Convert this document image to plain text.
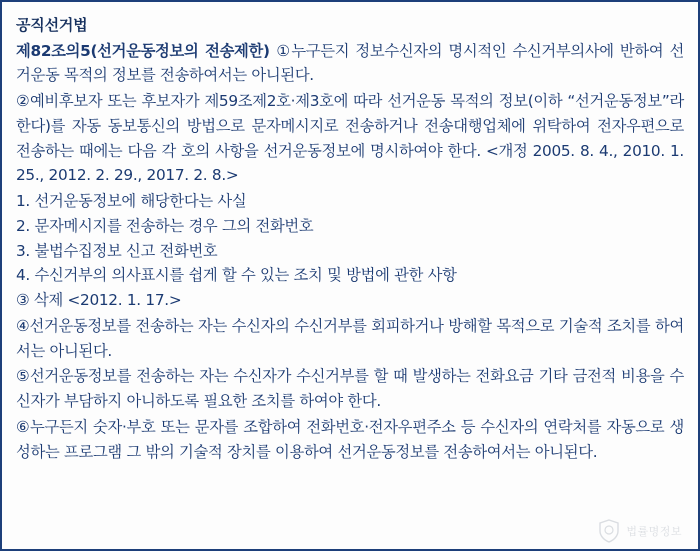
공직선거법

제82조의5(선거운동정보의 전송제한) ①누구든지 정보수신자의 명시적인 수신거부의사에 반하여 선거운동 목적의 정보를 전송하여서는 아니된다.

②예비후보자 또는 후보자가 제59조제2호·제3호에 따라 선거운동 목적의 정보(이하 “선거운동정보”라 한다)를 자동 동보통신의 방법으로 문자메시지로 전송하거나 전송대행업체에 위탁하여 전자우편으로 전송하는 때에는 다음 각 호의 사항을 선거운동정보에 명시하여야 한다. <개정 2005. 8. 4., 2010. 1. 25., 2012. 2. 29., 2017. 2. 8.>

1. 선거운동정보에 해당한다는 사실

2. 문자메시지를 전송하는 경우 그의 전화번호

3. 불법수집정보 신고 전화번호

4. 수신거부의 의사표시를 쉽게 할 수 있는 조치 및 방법에 관한 사항

③ 삭제 <2012. 1. 17.>

④선거운동정보를 전송하는 자는 수신자의 수신거부를 회피하거나 방해할 목적으로 기술적 조치를 하여서는 아니된다.

⑤선거운동정보를 전송하는 자는 수신자가 수신거부를 할 때 발생하는 전화요금 기타 금전적 비용을 수신자가 부담하지 아니하도록 필요한 조치를 하여야 한다.

⑥누구든지 숫자·부호 또는 문자를 조합하여 전화번호·전자우편주소 등 수신자의 연락처를 자동으로 생성하는 프로그램 그 밖의 기술적 장치를 이용하여 선거운동정보를 전송하여서는 아니된다.

법률명정보
